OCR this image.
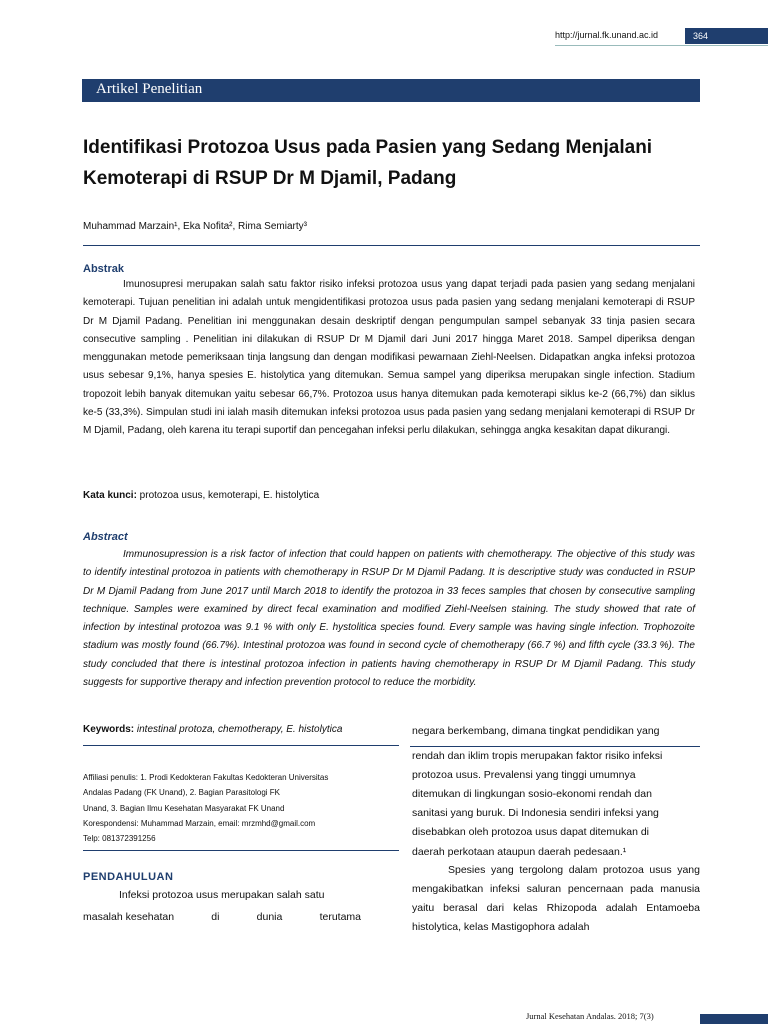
http://jurnal.fk.unand.ac.id	364
Artikel Penelitian
Identifikasi Protozoa Usus pada Pasien yang Sedang Menjalani Kemoterapi di RSUP Dr M Djamil, Padang
Muhammad Marzain¹, Eka Nofita², Rima Semiarty³
Abstrak
Imunosupresi merupakan salah satu faktor risiko infeksi protozoa usus yang dapat terjadi pada pasien yang sedang menjalani kemoterapi. Tujuan penelitian ini adalah untuk mengidentifikasi protozoa usus pada pasien yang sedang menjalani kemoterapi di RSUP Dr M Djamil Padang. Penelitian ini menggunakan desain deskriptif dengan pengumpulan sampel sebanyak 33 tinja pasien secara consecutive sampling . Penelitian ini dilakukan di RSUP Dr M Djamil dari Juni 2017 hingga Maret 2018. Sampel diperiksa dengan menggunakan metode pemeriksaan tinja langsung dan dengan modifikasi pewarnaan Ziehl-Neelsen. Didapatkan angka infeksi protozoa usus sebesar 9,1%, hanya spesies E. histolytica yang ditemukan. Semua sampel yang diperiksa merupakan single infection. Stadium tropozoit lebih banyak ditemukan yaitu sebesar 66,7%. Protozoa usus hanya ditemukan pada kemoterapi siklus ke-2 (66,7%) dan siklus ke-5 (33,3%). Simpulan studi ini ialah masih ditemukan infeksi protozoa usus pada pasien yang sedang menjalani kemoterapi di RSUP Dr M Djamil, Padang, oleh karena itu terapi suportif dan pencegahan infeksi perlu dilakukan, sehingga angka kesakitan dapat dikurangi.
Kata kunci: protozoa usus, kemoterapi, E. histolytica
Abstract
Immunosupression is a risk factor of infection that could happen on patients with chemotherapy. The objective of this study was to identify intestinal protozoa in patients with chemotherapy in RSUP Dr M Djamil Padang. It is descriptive study was conducted in RSUP Dr M Djamil Padang from June 2017 until March 2018 to identify the protozoa in 33 feces samples that chosen by consecutive sampling technique. Samples were examined by direct fecal examination and modified Ziehl-Neelsen staining. The study showed that rate of infection by intestinal protozoa was 9.1 % with only E. hystolitica species found. Every sample was having single infection. Trophozoite stadium was mostly found (66.7%). Intestinal protozoa was found in second cycle of chemotherapy (66.7 %) and fifth cycle (33.3 %). The study concluded that there is intestinal protozoa infection in patients having chemotherapy in RSUP Dr M Djamil Padang. This study suggests for supportive therapy and infection prevention protocol to reduce the morbidity.
Keywords: intestinal protoza, chemotherapy, E. histolytica
Affiliasi penulis: 1. Prodi Kedokteran Fakultas Kedokteran Universitas
Andalas Padang (FK Unand), 2. Bagian Parasitologi FK
Unand, 3. Bagian Ilmu Kesehatan Masyarakat FK Unand
Korespondensi: Muhammad Marzain, email: mrzmhd@gmail.com
Telp: 081372391256
PENDAHULUAN
Infeksi protozoa usus merupakan salah satu
masalah kesehatan	di	dunia	terutama
negara berkembang, dimana tingkat pendidikan yang
rendah dan iklim tropis merupakan faktor risiko infeksi
protozoa usus. Prevalensi yang tinggi umumnya
ditemukan di lingkungan sosio-ekonomi rendah dan
sanitasi yang buruk. Di Indonesia sendiri infeksi yang
disebabkan oleh protozoa usus dapat ditemukan di
daerah perkotaan ataupun daerah pedesaan.¹
Spesies yang tergolong dalam protozoa usus yang mengakibatkan infeksi saluran pencernaan pada manusia yaitu berasal dari kelas Rhizopoda adalah Entamoeba histolytica, kelas Mastigophora adalah
Jurnal Kesehatan Andalas. 2018; 7(3)
